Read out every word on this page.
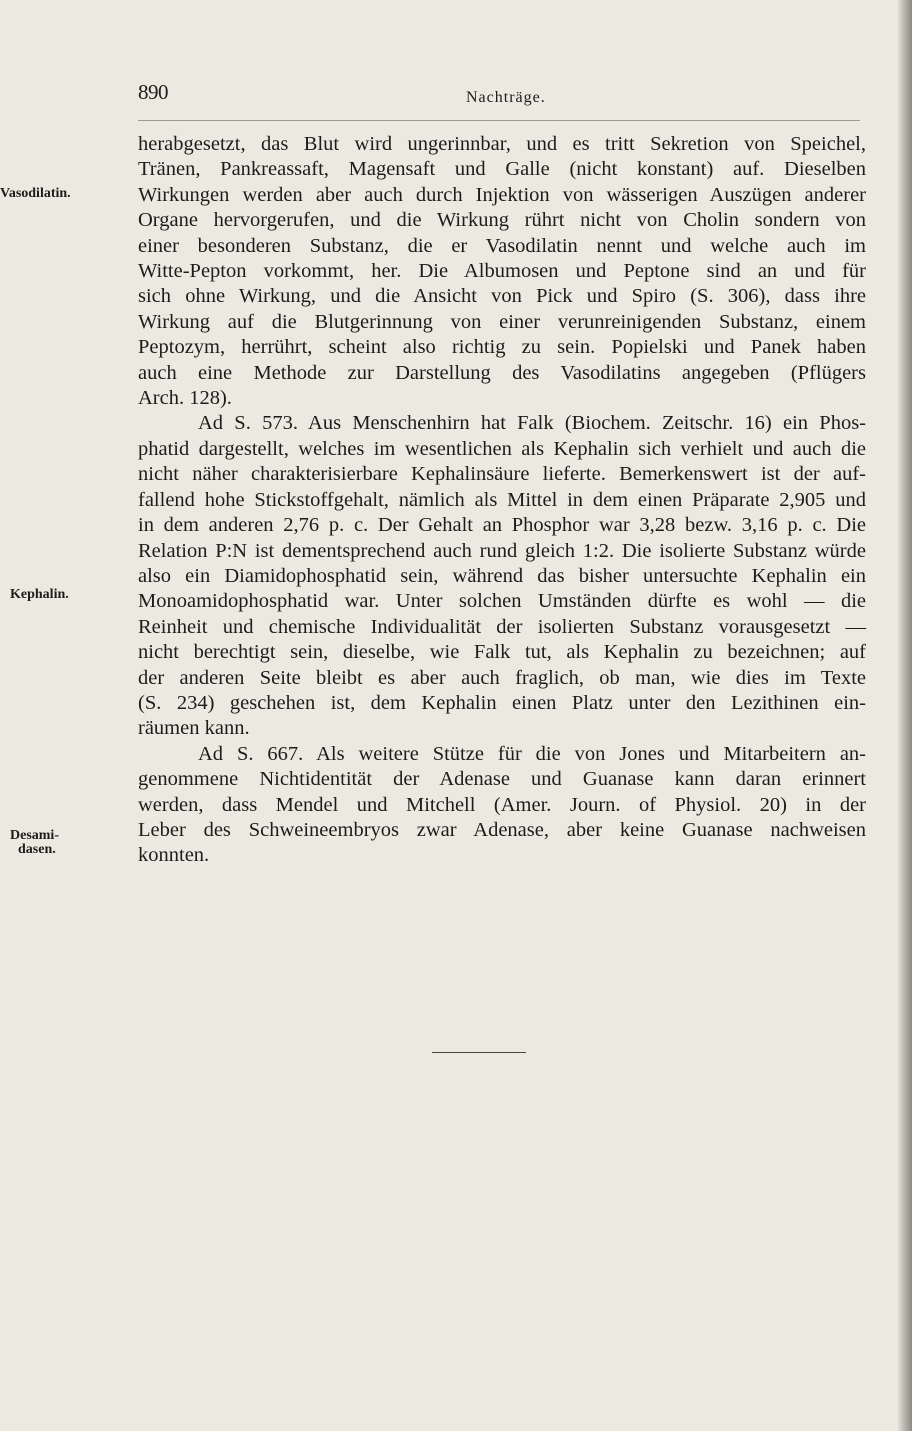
890	Nachträge.
Vasodilatin.
Kephalin.
Desami-
dasen.
herabgesetzt, das Blut wird ungerinnbar, und es tritt Sekretion von Speichel,
Tränen, Pankreassaft, Magensaft und Galle (nicht konstant) auf. Dieselben
Wirkungen werden aber auch durch Injektion von wässerigen Auszügen anderer
Organe hervorgerufen, und die Wirkung rührt nicht von Cholin sondern von
einer besonderen Substanz, die er Vasodilatin nennt und welche auch im
Witte-Pepton vorkommt, her. Die Albumosen und Peptone sind an und für
sich ohne Wirkung, und die Ansicht von Pick und Spiro (S. 306), dass ihre
Wirkung auf die Blutgerinnung von einer verunreinigenden Substanz, einem
Peptozym, herrührt, scheint also richtig zu sein. Popielski und Panek haben
auch eine Methode zur Darstellung des Vasodilatins angegeben (Pflügers
Arch. 128).
Ad S. 573. Aus Menschenhirn hat Falk (Biochem. Zeitschr. 16) ein Phos-
phatid dargestellt, welches im wesentlichen als Kephalin sich verhielt und auch die
nicht näher charakterisierbare Kephalinsäure lieferte. Bemerkenswert ist der auf-
fallend hohe Stickstoffgehalt, nämlich als Mittel in dem einen Präparate 2,905 und
in dem anderen 2,76 p. c. Der Gehalt an Phosphor war 3,28 bezw. 3,16 p. c. Die
Relation P:N ist dementsprechend auch rund gleich 1:2. Die isolierte Substanz würde
also ein Diamidophosphatid sein, während das bisher untersuchte Kephalin ein
Monoamidophosphatid war. Unter solchen Umständen dürfte es wohl — die
Reinheit und chemische Individualität der isolierten Substanz vorausgesetzt —
nicht berechtigt sein, dieselbe, wie Falk tut, als Kephalin zu bezeichnen; auf
der anderen Seite bleibt es aber auch fraglich, ob man, wie dies im Texte
(S. 234) geschehen ist, dem Kephalin einen Platz unter den Lezithinen ein-
räumen kann.
Ad S. 667. Als weitere Stütze für die von Jones und Mitarbeitern an-
genommene Nichtidentität der Adenase und Guanase kann daran erinnert
werden, dass Mendel und Mitchell (Amer. Journ. of Physiol. 20) in der
Leber des Schweineembryos zwar Adenase, aber keine Guanase nachweisen
konnten.
